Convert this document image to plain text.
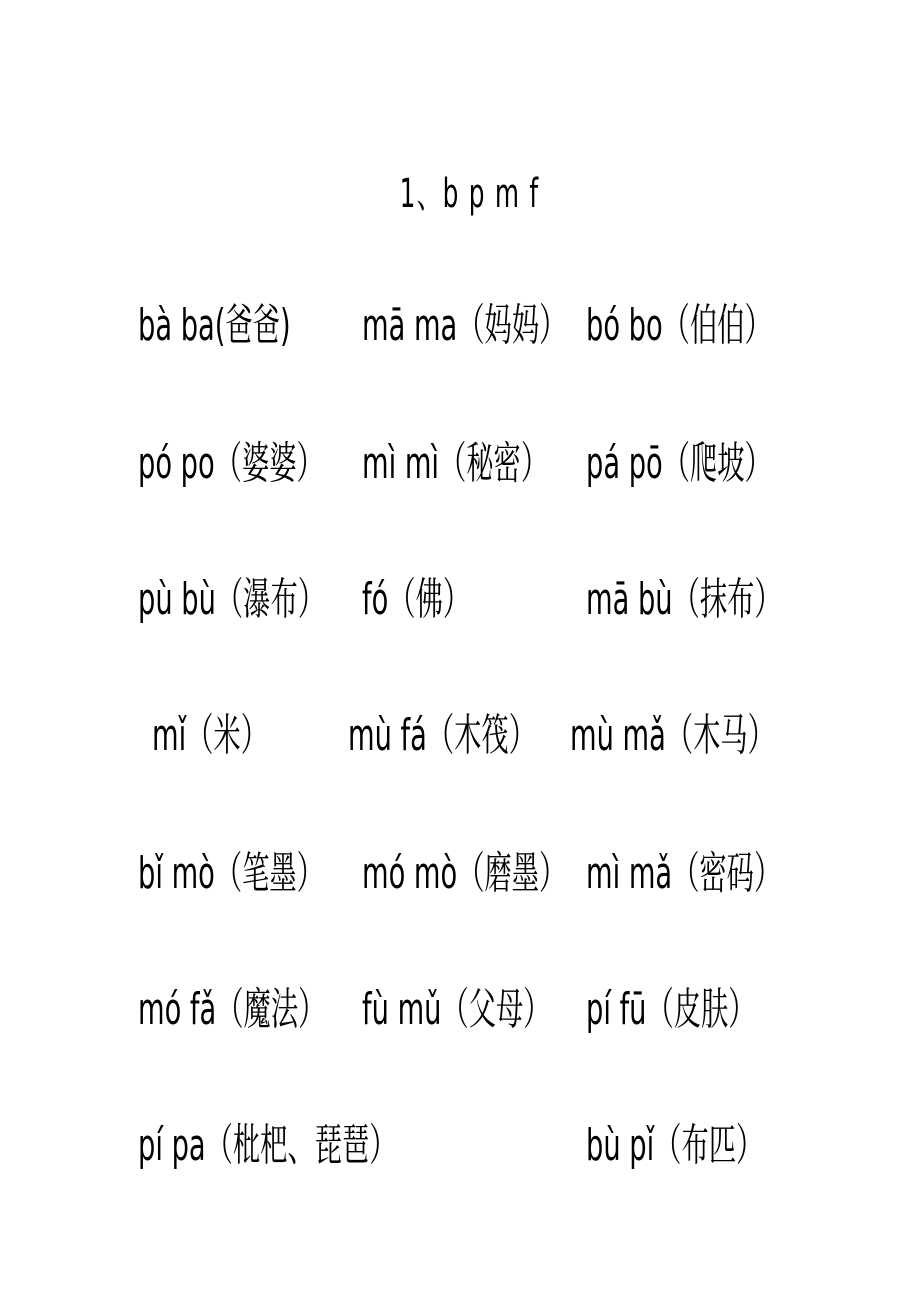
1、b p m f
bà ba(爸爸) mā ma（妈妈） bó bo（伯伯）
pó po（婆婆） mì mì（秘密） pá pō（爬坡）
pù bù（瀑布） fó（佛）	mā bù（抹布）
mǐ（米） mù fá（木筏） mù mǎ（木马）
bǐ mò（笔墨） mó mò（磨墨） mì mǎ（密码）
mó fǎ（魔法） fù mǔ（父母） pí fū（皮肤）
pí pa（枇杷、琵琶）	bù pǐ（布匹）
